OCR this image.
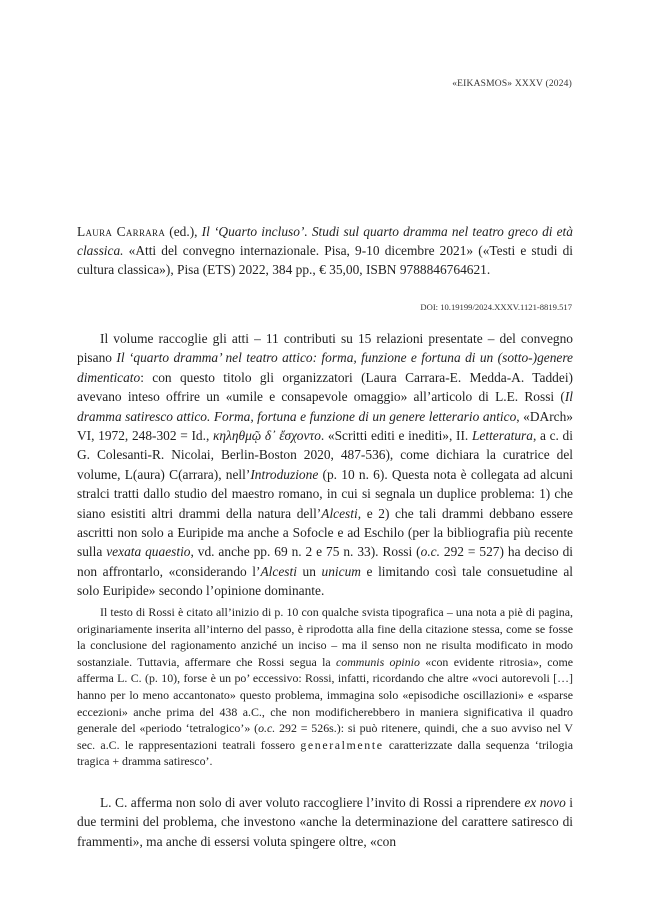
«EIKASMOS» XXXV (2024)
Laura Carrara (ed.), Il ‘Quarto incluso’. Studi sul quarto dramma nel teatro greco di età classica. «Atti del convegno internazionale. Pisa, 9-10 dicembre 2021» («Testi e studi di cultura classica»), Pisa (ETS) 2022, 384 pp., € 35,00, ISBN 9788846764621.
DOI: 10.19199/2024.XXXV.1121-8819.517

Il volume raccoglie gli atti – 11 contributi su 15 relazioni presentate – del convegno pisano Il ‘quarto dramma’ nel teatro attico: forma, funzione e fortuna di un (sotto-)genere dimenticato: con questo titolo gli organizzatori (Laura Carrara-E. Medda-A. Taddei) avevano inteso offrire un «umile e consapevole omaggio» all’articolo di L.E. Rossi (Il dramma satiresco attico. Forma, fortuna e funzione di un genere letterario antico, «DArch» VI, 1972, 248-302 = Id., κηληθμῷ δ᾽ ἔσχοντο. «Scritti editi e inediti», II. Letteratura, a c. di G. Colesanti-R. Nicolai, Berlin-Boston 2020, 487-536), come dichiara la curatrice del volume, L(aura) C(arrara), nell’Introduzione (p. 10 n. 6). Questa nota è collegata ad alcuni stralci tratti dallo studio del maestro romano, in cui si segnala un duplice problema: 1) che siano esistiti altri drammi della natura dell’Alcesti, e 2) che tali drammi debbano essere ascritti non solo a Euripide ma anche a Sofocle e ad Eschilo (per la bibliografia più recente sulla vexata quaestio, vd. anche pp. 69 n. 2 e 75 n. 33). Rossi (o.c. 292 = 527) ha deciso di non affrontarlo, «considerando l’Alcesti un unicum e limitando così tale consuetudine al solo Euripide» secondo l’opinione dominante.

Il testo di Rossi è citato all’inizio di p. 10 con qualche svista tipografica – una nota a piè di pagina, originariamente inserita all’interno del passo, è riprodotta alla fine della citazione stessa, come se fosse la conclusione del ragionamento anziché un inciso – ma il senso non ne risulta modificato in modo sostanziale. Tuttavia, affermare che Rossi segua la communis opinio «con evidente ritrosia», come afferma L. C. (p. 10), forse è un po’ eccessivo: Rossi, infatti, ricordando che altre «voci autorevoli […] hanno per lo meno accantonato» questo problema, immagina solo «episodiche oscillazioni» e «sparse eccezioni» anche prima del 438 a.C., che non modificherebbero in maniera significativa il quadro generale del «periodo ‘tetralogico’» (o.c. 292 = 526s.): si può ritenere, quindi, che a suo avviso nel V sec. a.C. le rappresentazioni teatrali fossero generalmente caratterizzate dalla sequenza ‘trilogia tragica + dramma satiresco’.

L. C. afferma non solo di aver voluto raccogliere l’invito di Rossi a riprendere ex novo i due termini del problema, che investono «anche la determinazione del carattere satiresco di frammenti», ma anche di essersi voluta spingere oltre, «con
